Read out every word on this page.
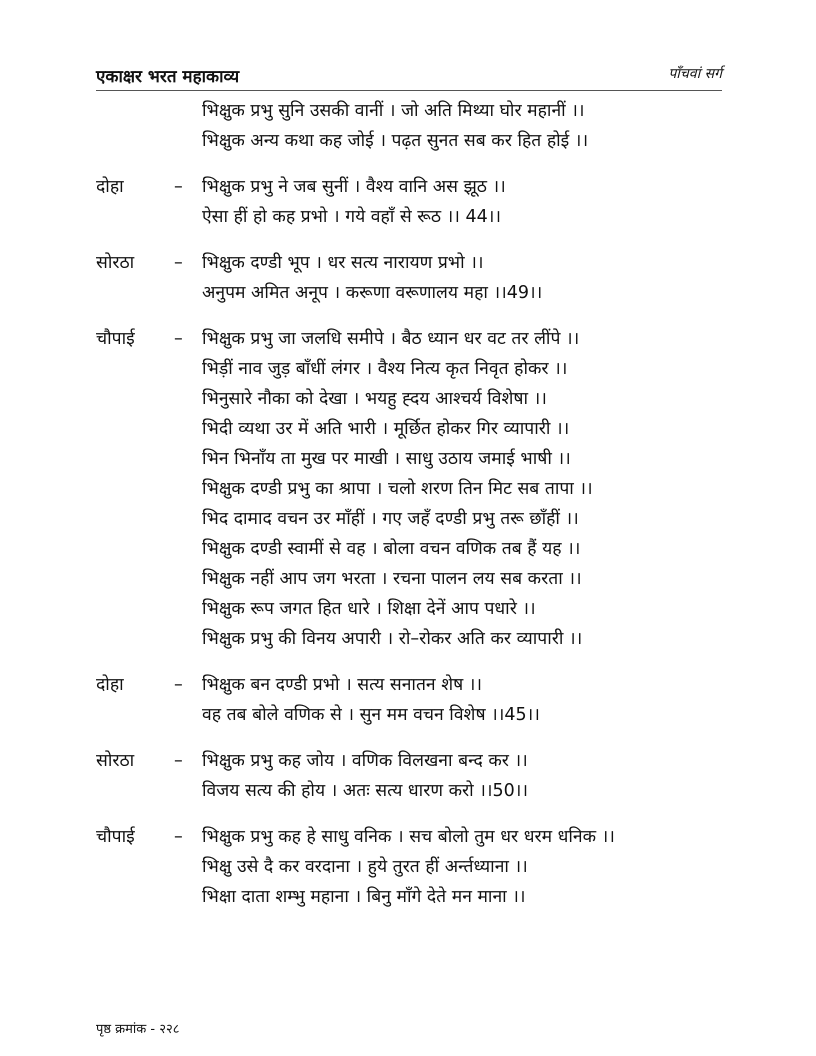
एकाक्षर भरत महाकाव्य	पाँचवां सर्ग
भिक्षुक प्रभु सुनि उसकी वानीं । जो अति मिथ्या घोर महानीं ।।
भिक्षुक अन्य कथा कह जोई । पढ़त सुनत सब कर हित होई ।।
दोहा	–	भिक्षुक प्रभु ने जब सुनीं । वैश्य वानि अस झूठ ।।
ऐसा हीं हो कह प्रभो । गये वहाँ से रूठ ।। 44।।
सोरठा	–	भिक्षुक दण्डी भूप । धर सत्य नारायण प्रभो ।।
अनुपम अमित अनूप । करूणा वरूणालय महा ।।49।।
चौपाई	–	भिक्षुक प्रभु जा जलधि समीपे । बैठ ध्यान धर वट तर लींपे ।।
भिड़ीं नाव जुड़ बाँधीं लंगर । वैश्य नित्य कृत निवृत होकर ।।
भिनुसारे नौका को देखा । भयहु ह्दय आश्चर्य विशेषा ।।
भिदी व्यथा उर में अति भारी । मूर्छित होकर गिर व्यापारी ।।
भिन भिनाँय ता मुख पर माखी । साधु उठाय जमाई भाषी ।।
भिक्षुक दण्डी प्रभु का श्रापा । चलो शरण तिन मिट सब तापा ।।
भिद दामाद वचन उर माँहीं । गए जहँ दण्डी प्रभु तरू छाँहीं ।।
भिक्षुक दण्डी स्वामीं से वह । बोला वचन वणिक तब हैं यह ।।
भिक्षुक नहीं आप जग भरता । रचना पालन लय सब करता ।।
भिक्षुक रूप जगत हित धारे । शिक्षा देनें आप पधारे ।।
भिक्षुक प्रभु की विनय अपारी । रो–रोकर अति कर व्यापारी ।।
दोहा	–	भिक्षुक बन दण्डी प्रभो । सत्य सनातन शेष ।।
वह तब बोले वणिक से । सुन मम वचन विशेष ।।45।।
सोरठा	–	भिक्षुक प्रभु कह जोय । वणिक विलखना बन्द कर ।।
विजय सत्य की होय । अतः सत्य धारण करो ।।50।।
चौपाई	–	भिक्षुक प्रभु कह हे साधु वनिक । सच बोलो तुम धर धरम धनिक ।।
भिक्षु उसे दै कर वरदाना । हुये तुरत हीं अर्न्तध्याना ।।
भिक्षा दाता शम्भु महाना । बिनु माँगे देते मन माना ।।
पृष्ठ क्रमांक - २२८
